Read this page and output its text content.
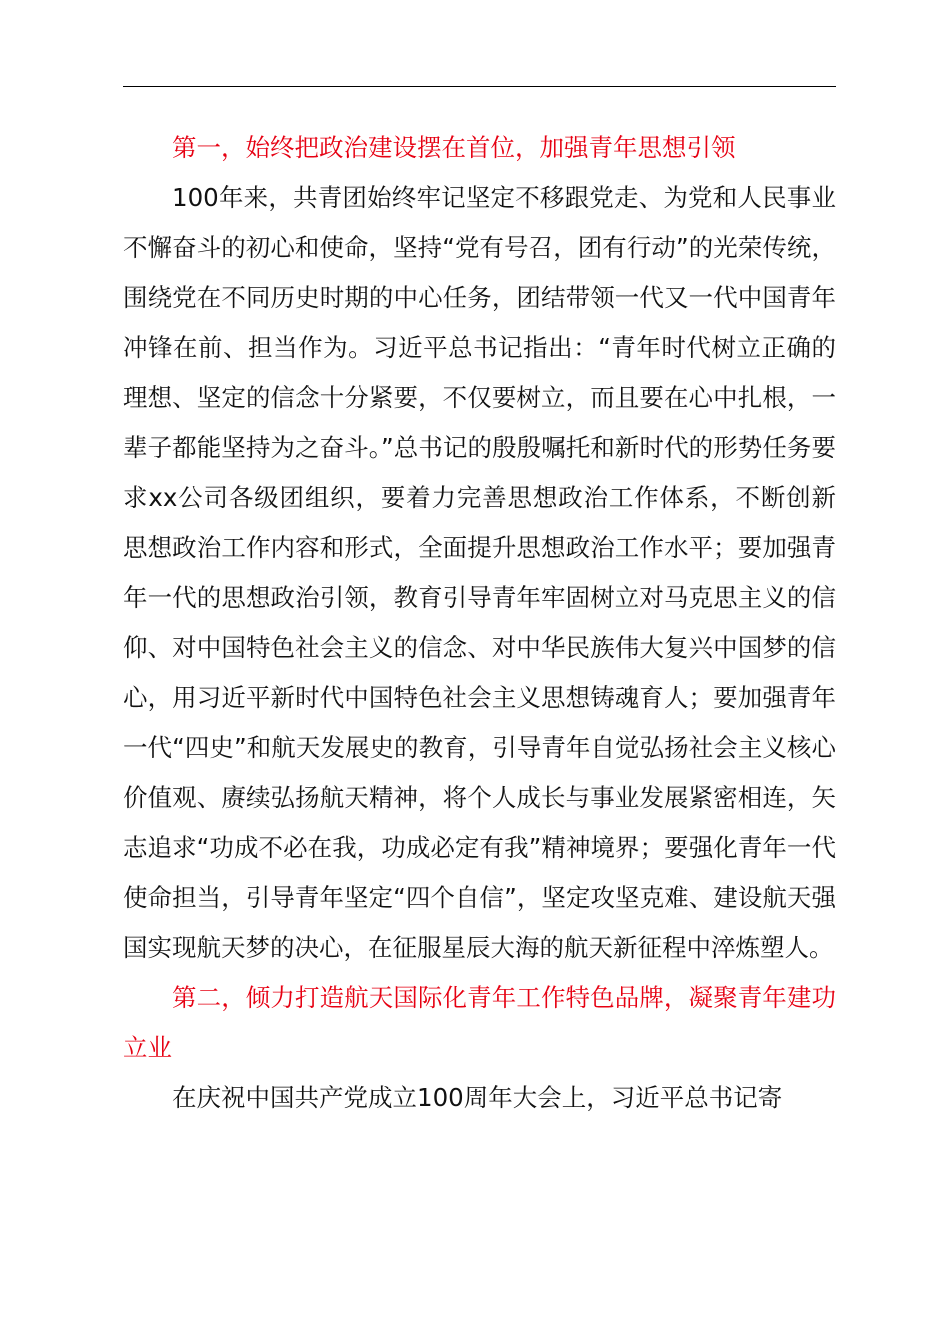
第一，始终把政治建设摆在首位，加强青年思想引领

100年来，共青团始终牢记坚定不移跟党走、为党和人民事业不懈奋斗的初心和使命，坚持“党有号召，团有行动”的光荣传统，围绕党在不同历史时期的中心任务，团结带领一代又一代中国青年冲锋在前、担当作为。习近平总书记指出：“青年时代树立正确的理想、坚定的信念十分紧要，不仅要树立，而且要在心中扎根，一辈子都能坚持为之奋斗。”总书记的殷殷嘱托和新时代的形势任务要求xx公司各级团组织，要着力完善思想政治工作体系，不断创新思想政治工作内容和形式，全面提升思想政治工作水平；要加强青年一代的思想政治引领，教育引导青年牢固树立对马克思主义的信仰、对中国特色社会主义的信念、对中华民族伟大复兴中国梦的信心，用习近平新时代中国特色社会主义思想铸魂育人；要加强青年一代“四史”和航天发展史的教育，引导青年自觉弘扬社会主义核心价值观、赓续弘扬航天精神，将个人成长与事业发展紧密相连，矢志追求“功成不必在我，功成必定有我”精神境界；要强化青年一代使命担当，引导青年坚定“四个自信”，坚定攻坚克难、建设航天强国实现航天梦的决心，在征服星辰大海的航天新征程中淬炼塑人。

第二，倾力打造航天国际化青年工作特色品牌，凝聚青年建功立业

在庆祝中国共产党成立100周年大会上，习近平总书记寄
